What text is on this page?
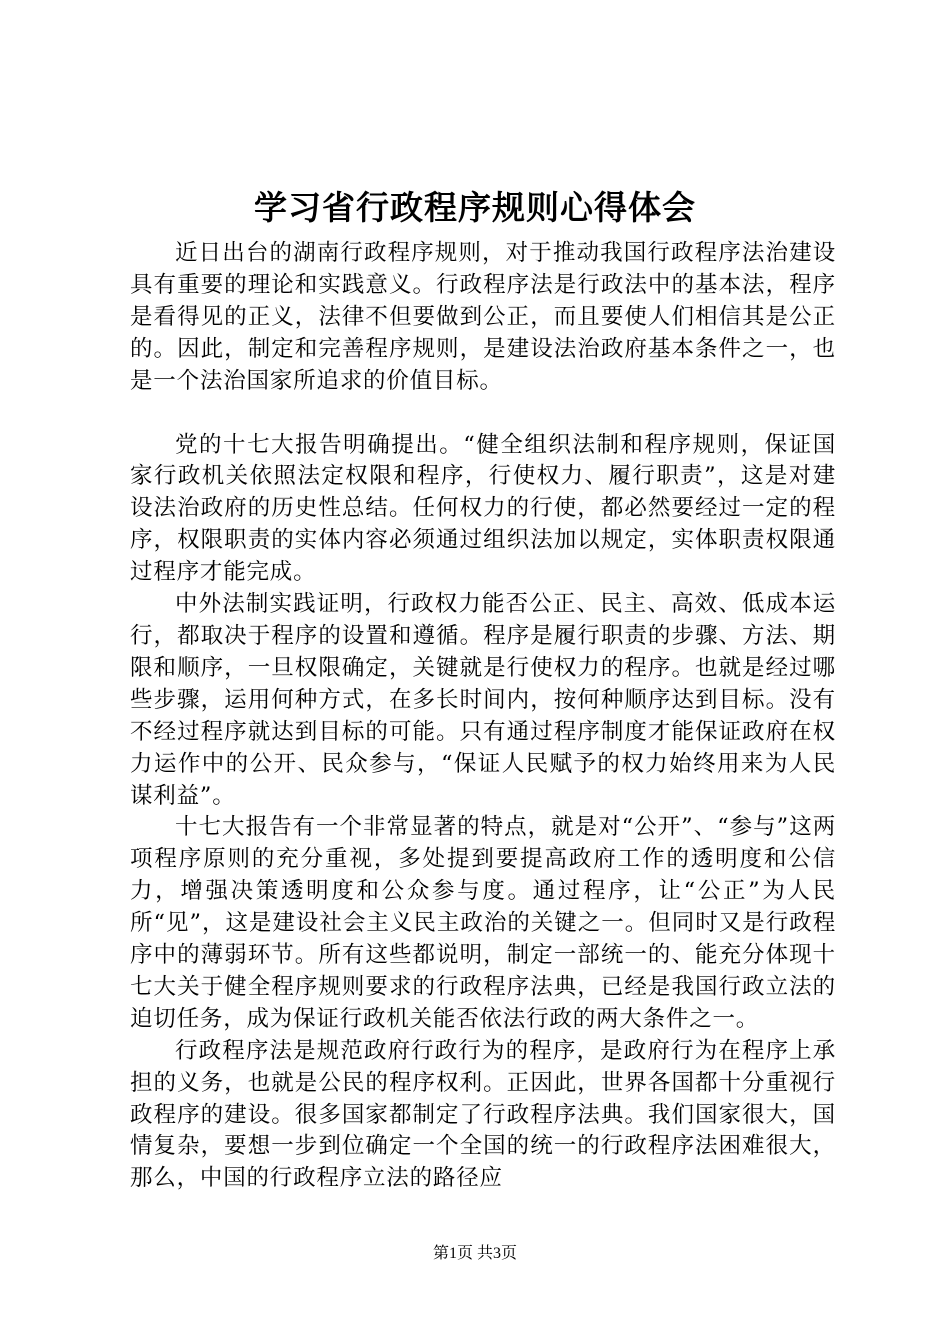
学习省行政程序规则心得体会

近日出台的湖南行政程序规则，对于推动我国行政程序法治建设具有重要的理论和实践意义。行政程序法是行政法中的基本法，程序是看得见的正义，法律不但要做到公正，而且要使人们相信其是公正的。因此，制定和完善程序规则，是建设法治政府基本条件之一，也是一个法治国家所追求的价值目标。

党的十七大报告明确提出。“健全组织法制和程序规则，保证国家行政机关依照法定权限和程序，行使权力、履行职责”，这是对建设法治政府的历史性总结。任何权力的行使，都必然要经过一定的程序，权限职责的实体内容必须通过组织法加以规定，实体职责权限通过程序才能完成。

中外法制实践证明，行政权力能否公正、民主、高效、低成本运行，都取决于程序的设置和遵循。程序是履行职责的步骤、方法、期限和顺序，一旦权限确定，关键就是行使权力的程序。也就是经过哪些步骤，运用何种方式，在多长时间内，按何种顺序达到目标。没有不经过程序就达到目标的可能。只有通过程序制度才能保证政府在权力运作中的公开、民众参与，“保证人民赋予的权力始终用来为人民谋利益”。

十七大报告有一个非常显著的特点，就是对“公开”、“参与”这两项程序原则的充分重视，多处提到要提高政府工作的透明度和公信力，增强决策透明度和公众参与度。通过程序，让“公正”为人民所“见”，这是建设社会主义民主政治的关键之一。但同时又是行政程序中的薄弱环节。所有这些都说明，制定一部统一的、能充分体现十七大关于健全程序规则要求的行政程序法典，已经是我国行政立法的迫切任务，成为保证行政机关能否依法行政的两大条件之一。

行政程序法是规范政府行政行为的程序，是政府行为在程序上承担的义务，也就是公民的程序权利。正因此，世界各国都十分重视行政程序的建设。很多国家都制定了行政程序法典。我们国家很大，国情复杂，要想一步到位确定一个全国的统一的行政程序法困难很大，那么，中国的行政程序立法的路径应

第1页 共3页
